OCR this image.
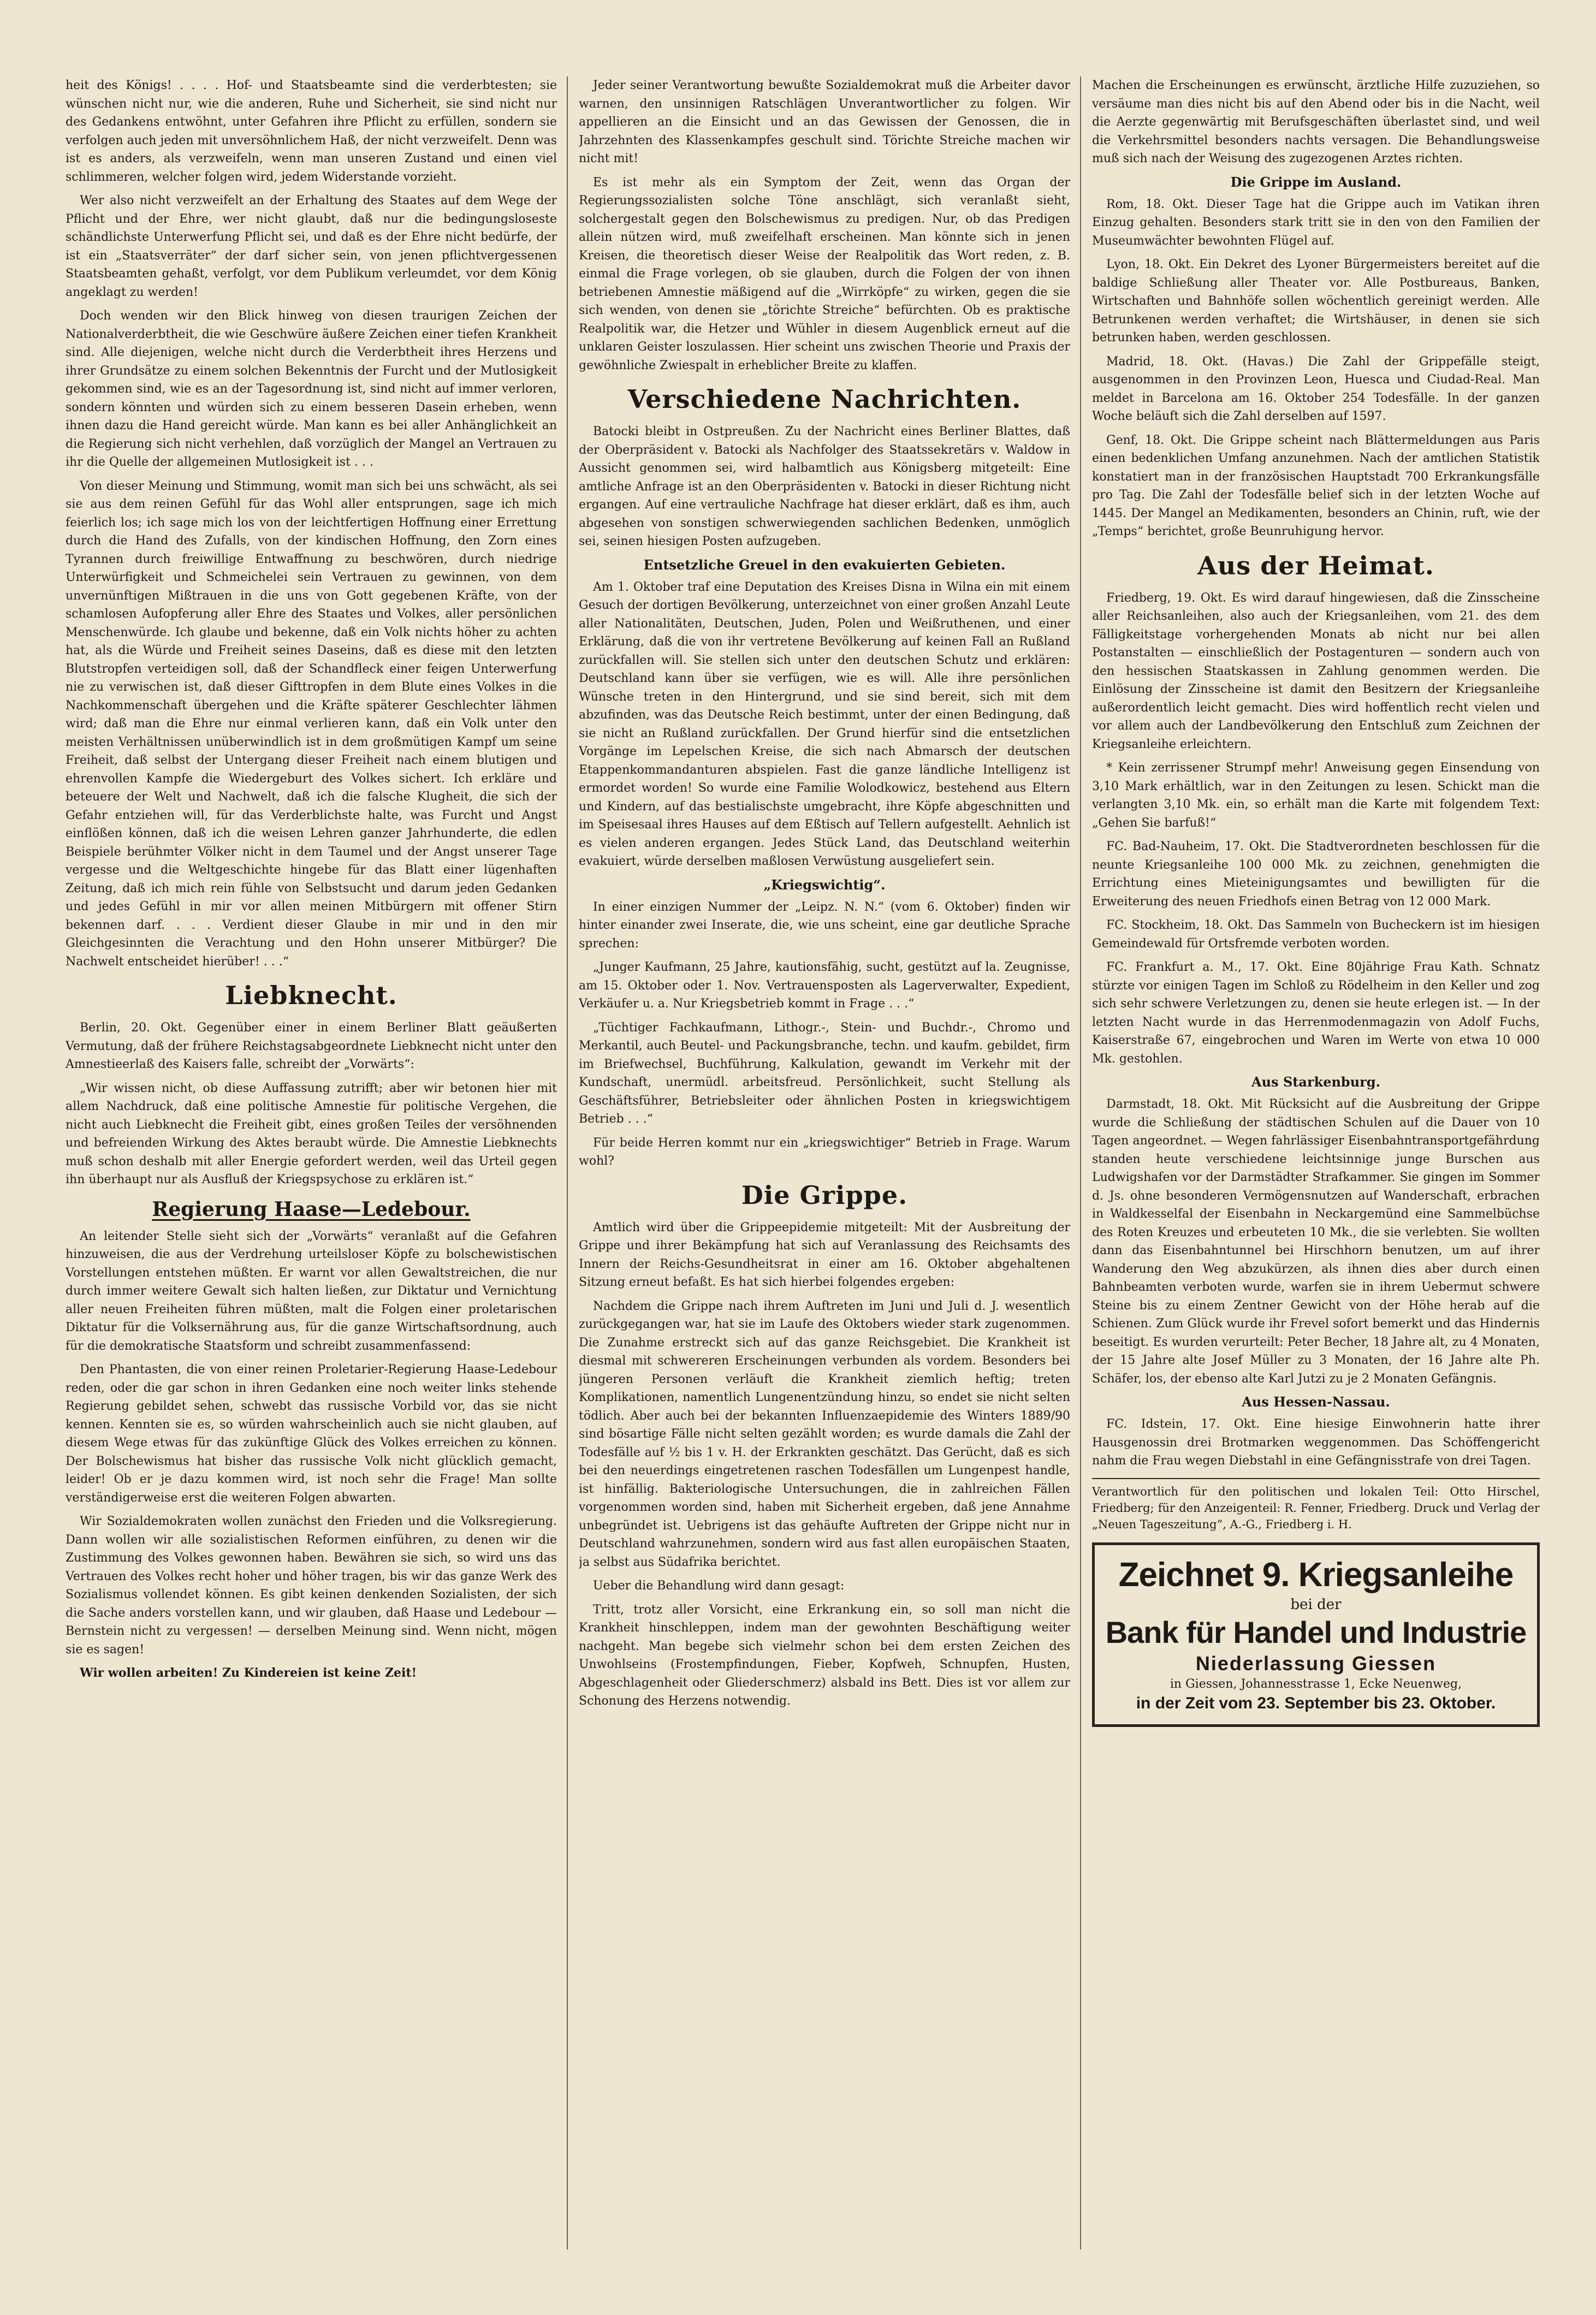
heit des Königs! . . . . Hof- und Staatsbeamte sind die verderbtesten; sie wünschen nicht nur, wie die anderen, Ruhe und Sicherheit, sie sind nicht nur des Gedankens entwöhnt, unter Gefahren ihre Pflicht zu erfüllen, sondern sie verfolgen auch jeden mit unversöhnlichem Haß, der nicht verzweifelt. Denn was ist es anders, als verzweifeln, wenn man unseren Zustand und einen viel schlimmeren, welcher folgen wird, jedem Widerstande vorzieht.

Wer also nicht verzweifelt an der Erhaltung des Staates auf dem Wege der Pflicht und der Ehre, wer nicht glaubt, daß nur die bedingungsloseste schändlichste Unterwerfung Pflicht sei, und daß es der Ehre nicht bedürfe, der ist ein „Staatsverräter“ der darf sicher sein, von jenen pflichtvergessenen Staatsbeamten gehaßt, verfolgt, vor dem Publikum verleumdet, vor dem König angeklagt zu werden!

Doch wenden wir den Blick hinweg von diesen traurigen Zeichen der Nationalverderbtheit, die wie Geschwüre äußere Zeichen einer tiefen Krankheit sind. Alle diejenigen, welche nicht durch die Verderbtheit ihres Herzens und ihrer Grundsätze zu einem solchen Bekenntnis der Furcht und der Mutlosigkeit gekommen sind, wie es an der Tagesordnung ist, sind nicht auf immer verloren, sondern könnten und würden sich zu einem besseren Dasein erheben, wenn ihnen dazu die Hand gereicht würde. Man kann es bei aller Anhänglichkeit an die Regierung sich nicht verhehlen, daß vorzüglich der Mangel an Vertrauen zu ihr die Quelle der allgemeinen Mutlosigkeit ist . . .

Von dieser Meinung und Stimmung, womit man sich bei uns schwächt, als sei sie aus dem reinen Gefühl für das Wohl aller entsprungen, sage ich mich feierlich los; ich sage mich los von der leichtfertigen Hoffnung einer Errettung durch die Hand des Zufalls, von der kindischen Hoffnung, den Zorn eines Tyrannen durch freiwillige Entwaffnung zu beschwören, durch niedrige Unterwürfigkeit und Schmeichelei sein Vertrauen zu gewinnen, von dem unvernünftigen Mißtrauen in die uns von Gott gegebenen Kräfte, von der schamlosen Aufopferung aller Ehre des Staates und Volkes, aller persönlichen Menschenwürde. Ich glaube und bekenne, daß ein Volk nichts höher zu achten hat, als die Würde und Freiheit seines Daseins, daß es diese mit den letzten Blutstropfen verteidigen soll, daß der Schandfleck einer feigen Unterwerfung nie zu verwischen ist, daß dieser Gifttropfen in dem Blute eines Volkes in die Nachkommenschaft übergehen und die Kräfte späterer Geschlechter lähmen wird; daß man die Ehre nur einmal verlieren kann, daß ein Volk unter den meisten Verhältnissen unüberwindlich ist in dem großmütigen Kampf um seine Freiheit, daß selbst der Untergang dieser Freiheit nach einem blutigen und ehrenvollen Kampfe die Wiedergeburt des Volkes sichert. Ich erkläre und beteuere der Welt und Nachwelt, daß ich die falsche Klugheit, die sich der Gefahr entziehen will, für das Verderblichste halte, was Furcht und Angst einflößen können, daß ich die weisen Lehren ganzer Jahrhunderte, die edlen Beispiele berühmter Völker nicht in dem Taumel und der Angst unserer Tage vergesse und die Weltgeschichte hingebe für das Blatt einer lügenhaften Zeitung, daß ich mich rein fühle von Selbstsucht und darum jeden Gedanken und jedes Gefühl in mir vor allen meinen Mitbürgern mit offener Stirn bekennen darf. . . . Verdient dieser Glaube in mir und in den mir Gleichgesinnten die Verachtung und den Hohn unserer Mitbürger? Die Nachwelt entscheidet hierüber! . . .“

Liebknecht.

Berlin, 20. Okt. Gegenüber einer in einem Berliner Blatt geäußerten Vermutung, daß der frühere Reichstagsabgeordnete Liebknecht nicht unter den Amnestieerlaß des Kaisers falle, schreibt der „Vorwärts“:

„Wir wissen nicht, ob diese Auffassung zutrifft; aber wir betonen hier mit allem Nachdruck, daß eine politische Amnestie für politische Vergehen, die nicht auch Liebknecht die Freiheit gibt, eines großen Teiles der versöhnenden und befreienden Wirkung des Aktes beraubt würde. Die Amnestie Liebknechts muß schon deshalb mit aller Energie gefordert werden, weil das Urteil gegen ihn überhaupt nur als Ausfluß der Kriegspsychose zu erklären ist.“

Regierung Haase—Ledebour.

An leitender Stelle sieht sich der „Vorwärts“ veranlaßt auf die Gefahren hinzuweisen, die aus der Verdrehung urteilsloser Köpfe zu bolschewistischen Vorstellungen entstehen müßten. Er warnt vor allen Gewaltstreichen, die nur durch immer weitere Gewalt sich halten ließen, zur Diktatur und Vernichtung aller neuen Freiheiten führen müßten, malt die Folgen einer proletarischen Diktatur für die Volksernährung aus, für die ganze Wirtschaftsordnung, auch für die demokratische Staatsform und schreibt zusammenfassend:

Den Phantasten, die von einer reinen Proletarier-Regierung Haase-Ledebour reden, oder die gar schon in ihren Gedanken eine noch weiter links stehende Regierung gebildet sehen, schwebt das russische Vorbild vor, das sie nicht kennen. Kennten sie es, so würden wahrscheinlich auch sie nicht glauben, auf diesem Wege etwas für das zukünftige Glück des Volkes erreichen zu können. Der Bolschewismus hat bisher das russische Volk nicht glücklich gemacht, leider! Ob er je dazu kommen wird, ist noch sehr die Frage! Man sollte verständigerweise erst die weiteren Folgen abwarten.

Wir Sozialdemokraten wollen zunächst den Frieden und die Volksregierung. Dann wollen wir alle sozialistischen Reformen einführen, zu denen wir die Zustimmung des Volkes gewonnen haben. Bewähren sie sich, so wird uns das Vertrauen des Volkes recht hoher und höher tragen, bis wir das ganze Werk des Sozialismus vollendet können. Es gibt keinen denkenden Sozialisten, der sich die Sache anders vorstellen kann, und wir glauben, daß Haase und Ledebour — Bernstein nicht zu vergessen! — derselben Meinung sind. Wenn nicht, mögen sie es sagen!

Wir wollen arbeiten! Zu Kindereien ist keine Zeit!

Jeder seiner Verantwortung bewußte Sozialdemokrat muß die Arbeiter davor warnen, den unsinnigen Ratschlägen Unverantwortlicher zu folgen. Wir appellieren an die Einsicht und an das Gewissen der Genossen, die in Jahrzehnten des Klassenkampfes geschult sind. Törichte Streiche machen wir nicht mit!

Es ist mehr als ein Symptom der Zeit, wenn das Organ der Regierungssozialisten solche Töne anschlägt, sich veranlaßt sieht, solchergestalt gegen den Bolschewismus zu predigen. Nur, ob das Predigen allein nützen wird, muß zweifelhaft erscheinen. Man könnte sich in jenen Kreisen, die theoretisch dieser Weise der Realpolitik das Wort reden, z. B. einmal die Frage vorlegen, ob sie glauben, durch die Folgen der von ihnen betriebenen Amnestie mäßigend auf die „Wirrköpfe“ zu wirken, gegen die sie sich wenden, von denen sie „törichte Streiche“ befürchten. Ob es praktische Realpolitik war, die Hetzer und Wühler in diesem Augenblick erneut auf die unklaren Geister loszulassen. Hier scheint uns zwischen Theorie und Praxis der gewöhnliche Zwiespalt in erheblicher Breite zu klaffen.

Verschiedene Nachrichten.

Batocki bleibt in Ostpreußen. Zu der Nachricht eines Berliner Blattes, daß der Oberpräsident v. Batocki als Nachfolger des Staatssekretärs v. Waldow in Aussicht genommen sei, wird halbamtlich aus Königsberg mitgeteilt: Eine amtliche Anfrage ist an den Oberpräsidenten v. Batocki in dieser Richtung nicht ergangen. Auf eine vertrauliche Nachfrage hat dieser erklärt, daß es ihm, auch abgesehen von sonstigen schwerwiegenden sachlichen Bedenken, unmöglich sei, seinen hiesigen Posten aufzugeben.

Entsetzliche Greuel in den evakuierten Gebieten.

Am 1. Oktober traf eine Deputation des Kreises Disna in Wilna ein mit einem Gesuch der dortigen Bevölkerung, unterzeichnet von einer großen Anzahl Leute aller Nationalitäten, Deutschen, Juden, Polen und Weißruthenen, und einer Erklärung, daß die von ihr vertretene Bevölkerung auf keinen Fall an Rußland zurückfallen will. Sie stellen sich unter den deutschen Schutz und erklären: Deutschland kann über sie verfügen, wie es will. Alle ihre persönlichen Wünsche treten in den Hintergrund, und sie sind bereit, sich mit dem abzufinden, was das Deutsche Reich bestimmt, unter der einen Bedingung, daß sie nicht an Rußland zurückfallen. Der Grund hierfür sind die entsetzlichen Vorgänge im Lepelschen Kreise, die sich nach Abmarsch der deutschen Etappenkommandanturen abspielen. Fast die ganze ländliche Intelligenz ist ermordet worden! So wurde eine Familie Wolodkowicz, bestehend aus Eltern und Kindern, auf das bestialischste umgebracht, ihre Köpfe abgeschnitten und im Speisesaal ihres Hauses auf dem Eßtisch auf Tellern aufgestellt. Aehnlich ist es vielen anderen ergangen. Jedes Stück Land, das Deutschland weiterhin evakuiert, würde derselben maßlosen Verwüstung ausgeliefert sein.

„Kriegswichtig“.

In einer einzigen Nummer der „Leipz. N. N.“ (vom 6. Oktober) finden wir hinter einander zwei Inserate, die, wie uns scheint, eine gar deutliche Sprache sprechen:

„Junger Kaufmann, 25 Jahre, kautionsfähig, sucht, gestützt auf la. Zeugnisse, am 15. Oktober oder 1. Nov. Vertrauensposten als Lagerverwalter, Expedient, Verkäufer u. a. Nur Kriegsbetrieb kommt in Frage . . .“

„Tüchtiger Fachkaufmann, Lithogr.-, Stein- und Buchdr.-, Chromo und Merkantil, auch Beutel- und Packungsbranche, techn. und kaufm. gebildet, firm im Briefwechsel, Buchführung, Kalkulation, gewandt im Verkehr mit der Kundschaft, unermüdl. arbeitsfreud. Persönlichkeit, sucht Stellung als Geschäftsführer, Betriebsleiter oder ähnlichen Posten in kriegswichtigem Betrieb . . .“

Für beide Herren kommt nur ein „kriegswichtiger“ Betrieb in Frage. Warum wohl?

Die Grippe.

Amtlich wird über die Grippeepidemie mitgeteilt: Mit der Ausbreitung der Grippe und ihrer Bekämpfung hat sich auf Veranlassung des Reichsamts des Innern der Reichs-Gesundheitsrat in einer am 16. Oktober abgehaltenen Sitzung erneut befaßt. Es hat sich hierbei folgendes ergeben:

Nachdem die Grippe nach ihrem Auftreten im Juni und Juli d. J. wesentlich zurückgegangen war, hat sie im Laufe des Oktobers wieder stark zugenommen. Die Zunahme erstreckt sich auf das ganze Reichsgebiet. Die Krankheit ist diesmal mit schwereren Erscheinungen verbunden als vordem. Besonders bei jüngeren Personen verläuft die Krankheit ziemlich heftig; treten Komplikationen, namentlich Lungenentzündung hinzu, so endet sie nicht selten tödlich. Aber auch bei der bekannten Influenzaepidemie des Winters 1889/90 sind bösartige Fälle nicht selten gezählt worden; es wurde damals die Zahl der Todesfälle auf ½ bis 1 v. H. der Erkrankten geschätzt. Das Gerücht, daß es sich bei den neuerdings eingetretenen raschen Todesfällen um Lungenpest handle, ist hinfällig. Bakteriologische Untersuchungen, die in zahlreichen Fällen vorgenommen worden sind, haben mit Sicherheit ergeben, daß jene Annahme unbegründet ist. Uebrigens ist das gehäufte Auftreten der Grippe nicht nur in Deutschland wahrzunehmen, sondern wird aus fast allen europäischen Staaten, ja selbst aus Südafrika berichtet.

Ueber die Behandlung wird dann gesagt:

Tritt, trotz aller Vorsicht, eine Erkrankung ein, so soll man nicht die Krankheit hinschleppen, indem man der gewohnten Beschäftigung weiter nachgeht. Man begebe sich vielmehr schon bei dem ersten Zeichen des Unwohlseins (Frostempfindungen, Fieber, Kopfweh, Schnupfen, Husten, Abgeschlagenheit oder Gliederschmerz) alsbald ins Bett. Dies ist vor allem zur Schonung des Herzens notwendig.

Machen die Erscheinungen es erwünscht, ärztliche Hilfe zuzuziehen, so versäume man dies nicht bis auf den Abend oder bis in die Nacht, weil die Aerzte gegenwärtig mit Berufsgeschäften überlastet sind, und weil die Verkehrsmittel besonders nachts versagen. Die Behandlungsweise muß sich nach der Weisung des zugezogenen Arztes richten.

Die Grippe im Ausland.

Rom, 18. Okt. Dieser Tage hat die Grippe auch im Vatikan ihren Einzug gehalten. Besonders stark tritt sie in den von den Familien der Museumwächter bewohnten Flügel auf.

Lyon, 18. Okt. Ein Dekret des Lyoner Bürgermeisters bereitet auf die baldige Schließung aller Theater vor. Alle Postbureaus, Banken, Wirtschaften und Bahnhöfe sollen wöchentlich gereinigt werden. Alle Betrunkenen werden verhaftet; die Wirtshäuser, in denen sie sich betrunken haben, werden geschlossen.

Madrid, 18. Okt. (Havas.) Die Zahl der Grippefälle steigt, ausgenommen in den Provinzen Leon, Huesca und Ciudad-Real. Man meldet in Barcelona am 16. Oktober 254 Todesfälle. In der ganzen Woche beläuft sich die Zahl derselben auf 1597.

Genf, 18. Okt. Die Grippe scheint nach Blättermeldungen aus Paris einen bedenklichen Umfang anzunehmen. Nach der amtlichen Statistik konstatiert man in der französischen Hauptstadt 700 Erkrankungsfälle pro Tag. Die Zahl der Todesfälle belief sich in der letzten Woche auf 1445. Der Mangel an Medikamenten, besonders an Chinin, ruft, wie der „Temps“ berichtet, große Beunruhigung hervor.

Aus der Heimat.

Friedberg, 19. Okt. Es wird darauf hingewiesen, daß die Zinsscheine aller Reichsanleihen, also auch der Kriegsanleihen, vom 21. des dem Fälligkeitstage vorhergehenden Monats ab nicht nur bei allen Postanstalten — einschließlich der Postagenturen — sondern auch von den hessischen Staatskassen in Zahlung genommen werden. Die Einlösung der Zinsscheine ist damit den Besitzern der Kriegsanleihe außerordentlich leicht gemacht. Dies wird hoffentlich recht vielen und vor allem auch der Landbevölkerung den Entschluß zum Zeichnen der Kriegsanleihe erleichtern.

* Kein zerrissener Strumpf mehr! Anweisung gegen Einsendung von 3,10 Mark erhältlich, war in den Zeitungen zu lesen. Schickt man die verlangten 3,10 Mk. ein, so erhält man die Karte mit folgendem Text: „Gehen Sie barfuß!“

FC. Bad-Nauheim, 17. Okt. Die Stadtverordneten beschlossen für die neunte Kriegsanleihe 100 000 Mk. zu zeichnen, genehmigten die Errichtung eines Mieteinigungsamtes und bewilligten für die Erweiterung des neuen Friedhofs einen Betrag von 12 000 Mark.

FC. Stockheim, 18. Okt. Das Sammeln von Bucheckern ist im hiesigen Gemeindewald für Ortsfremde verboten worden.

FC. Frankfurt a. M., 17. Okt. Eine 80jährige Frau Kath. Schnatz stürzte vor einigen Tagen im Schloß zu Rödelheim in den Keller und zog sich sehr schwere Verletzungen zu, denen sie heute erlegen ist. — In der letzten Nacht wurde in das Herrenmodenmagazin von Adolf Fuchs, Kaiserstraße 67, eingebrochen und Waren im Werte von etwa 10 000 Mk. gestohlen.

Aus Starkenburg.

Darmstadt, 18. Okt. Mit Rücksicht auf die Ausbreitung der Grippe wurde die Schließung der städtischen Schulen auf die Dauer von 10 Tagen angeordnet. — Wegen fahrlässiger Eisenbahntransportgefährdung standen heute verschiedene leichtsinnige junge Burschen aus Ludwigshafen vor der Darmstädter Strafkammer. Sie gingen im Sommer d. Js. ohne besonderen Vermögensnutzen auf Wanderschaft, erbrachen in Waldkesselfal der Eisenbahn in Neckargemünd eine Sammelbüchse des Roten Kreuzes und erbeuteten 10 Mk., die sie verlebten. Sie wollten dann das Eisenbahntunnel bei Hirschhorn benutzen, um auf ihrer Wanderung den Weg abzukürzen, als ihnen dies aber durch einen Bahnbeamten verboten wurde, warfen sie in ihrem Uebermut schwere Steine bis zu einem Zentner Gewicht von der Höhe herab auf die Schienen. Zum Glück wurde ihr Frevel sofort bemerkt und das Hindernis beseitigt. Es wurden verurteilt: Peter Becher, 18 Jahre alt, zu 4 Monaten, der 15 Jahre alte Josef Müller zu 3 Monaten, der 16 Jahre alte Ph. Schäfer, los, der ebenso alte Karl Jutzi zu je 2 Monaten Gefängnis.

Aus Hessen-Nassau.

FC. Idstein, 17. Okt. Eine hiesige Einwohnerin hatte ihrer Hausgenossin drei Brotmarken weggenommen. Das Schöffengericht nahm die Frau wegen Diebstahl in eine Gefängnisstrafe von drei Tagen.

Verantwortlich für den politischen und lokalen Teil: Otto Hirschel, Friedberg; für den Anzeigenteil: R. Fenner, Friedberg. Druck und Verlag der „Neuen Tageszeitung“, A.-G., Friedberg i. H.

Zeichnet 9. Kriegsanleihe
bei der
Bank für Handel und Industrie
Niederlassung Giessen
in Giessen, Johannesstrasse 1, Ecke Neuenweg,
in der Zeit vom 23. September bis 23. Oktober.
